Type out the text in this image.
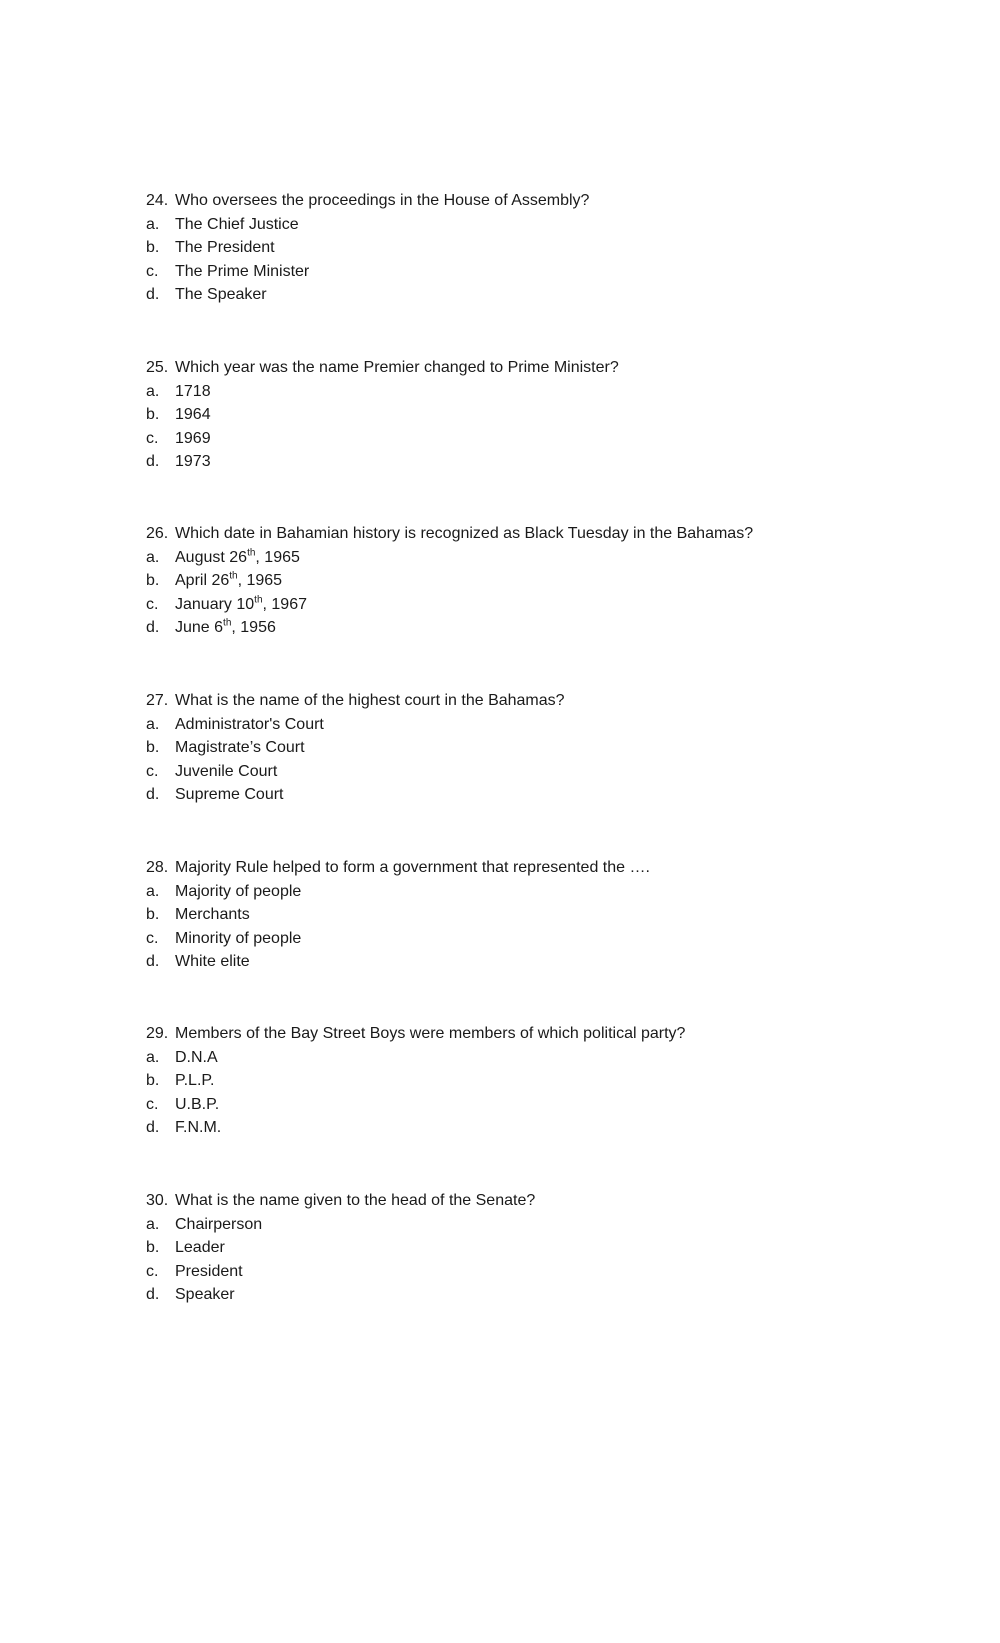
24. Who oversees the proceedings in the House of Assembly?
a. The Chief Justice
b. The President
c. The Prime Minister
d. The Speaker
25. Which year was the name Premier changed to Prime Minister?
a. 1718
b. 1964
c. 1969
d. 1973
26. Which date in Bahamian history is recognized as Black Tuesday in the Bahamas?
a. August 26th, 1965
b. April 26th, 1965
c. January 10th, 1967
d. June 6th, 1956
27. What is the name of the highest court in the Bahamas?
a. Administrator's Court
b. Magistrate’s Court
c. Juvenile Court
d. Supreme Court
28. Majority Rule helped to form a government that represented the ….
a. Majority of people
b. Merchants
c. Minority of people
d. White elite
29. Members of the Bay Street Boys were members of which political party?
a. D.N.A
b. P.L.P.
c. U.B.P.
d. F.N.M.
30. What is the name given to the head of the Senate?
a. Chairperson
b. Leader
c. President
d. Speaker
